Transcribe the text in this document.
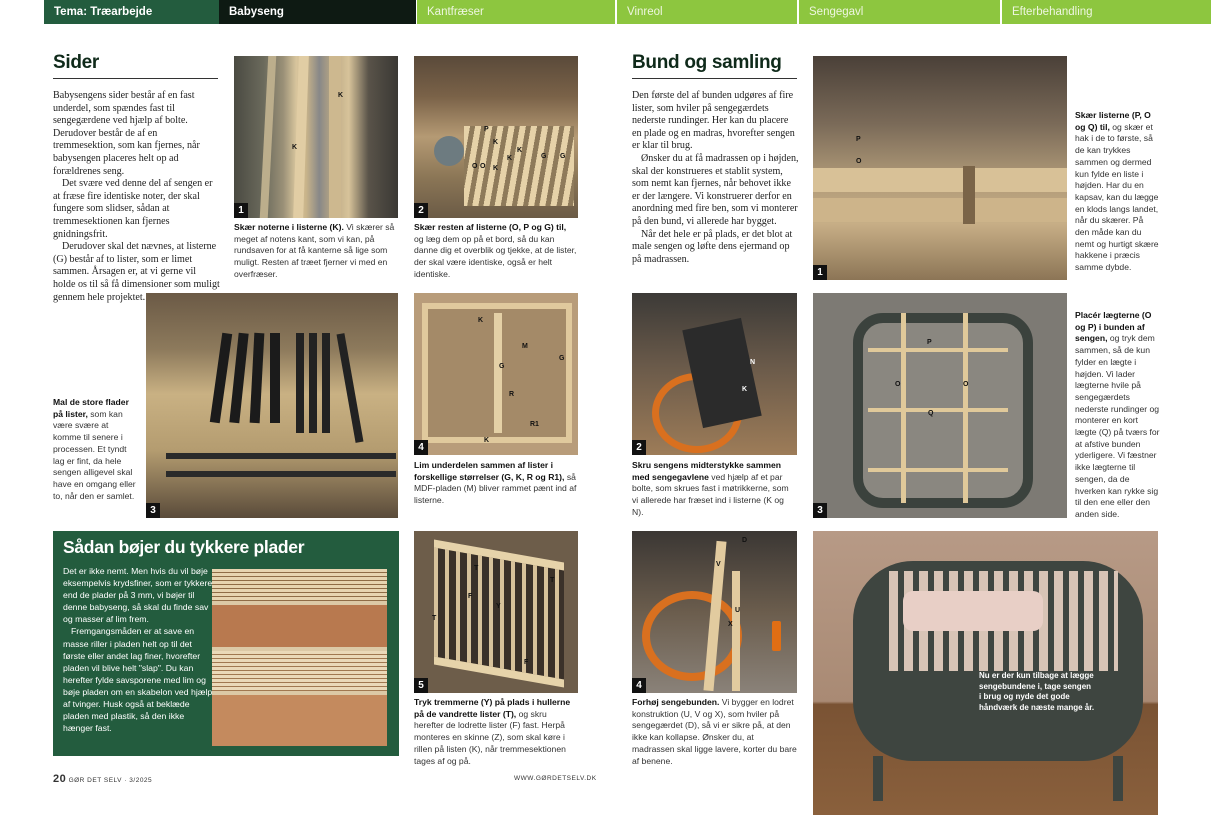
Tema: Træarbejde	Babyseng	Kantfræser	Vinreol	Sengegavl	Efterbehandling
Sider

Babysengens sider består af en fast underdel, som spændes fast til sengegærdene ved hjælp af bolte. Derudover består de af en tremmesektion, som kan fjernes, når babysengen placeres helt op ad forældrenes seng.

Det svære ved denne del af sengen er at fræse fire identiske noter, der skal fungere som slidser, sådan at tremmesektionen kan fjernes gnidningsfrit.

Derudover skal det nævnes, at listerne (G) består af to lister, som er limet sammen. Årsagen er, at vi gerne vil holde os til så få dimensioner som muligt gennem hele projektet.

K
K
1
Skær noterne i listerne (K). Vi skærer så meget af notens kant, som vi kan, på rundsaven for at få kanterne så lige som muligt. Resten af træet fjerner vi med en overfræser.
P
K
K
K
K
G G
O O
2
Skær resten af listerne (O, P og G) til, og læg dem op på et bord, så du kan danne dig et overblik og tjekke, at de lister, der skal være identiske, også er helt identiske.
3
Mal de store flader på lister, som kan være svære at komme til senere i processen. Et tyndt lag er fint, da hele sengen alligevel skal have en omgang eller to, når den er samlet.
K
M
G
G
R
R1
K
4
Lim underdelen sammen af lister i forskellige størrelser (G, K, R og R1), så MDF-pladen (M) bliver rammet pænt ind af listerne.
Sådan bøjer du tykkere plader

Det er ikke nemt. Men hvis du vil bøje eksempelvis krydsfiner, som er tykkere end de plader på 3 mm, vi bøjer til denne babyseng, så skal du finde sav og masser af lim frem.

Fremgangsmåden er at save en masse riller i pladen helt op til det første eller andet lag finer, hvorefter pladen vil blive helt "slap". Du kan herefter fylde savsporene med lim og bøje pladen om en skabelon ved hjælp af tvinger. Husk også at beklæde pladen med plastik, så den ikke hænger fast.

T
T
F
Y
F
T
5
Tryk tremmerne (Y) på plads i hullerne på de vandrette lister (T), og skru herefter de lodrette lister (F) fast. Herpå monteres en skinne (Z), som skal køre i rillen på listen (K), når tremmesektionen tages af og på.
20 GØR DET SELV · 3/2025	WWW.GØRDETSELV.DK
Bund og samling

Den første del af bunden udgøres af fire lister, som hviler på sengegærdets nederste rundinger. Her kan du placere en plade og en madras, hvorefter sengen er klar til brug.

Ønsker du at få madrassen op i højden, skal der konstrueres et stablit system, som nemt kan fjernes, når behovet ikke er der længere. Vi konstruerer derfor en anordning med fire ben, som vi monterer på den bund, vi allerede har bygget.

Når det hele er på plads, er det blot at male sengen og løfte dens ejermand op på madrassen.

P
O
1
Skær listerne (P, O og Q) til, og skær et hak i de to første, så de kan trykkes sammen og dermed kun fylde en liste i højden. Har du en kapsav, kan du lægge en klods langs landet, når du skærer. På den måde kan du nemt og hurtigt skære hakkene i præcis samme dybde.
N
K
2
Skru sengens midterstykke sammen med sengegavlene ved hjælp af et par bolte, som skrues fast i møtrikkerne, som vi allerede har fræset ind i listerne (K og N).
P
O	O
Q
3
Placér lægterne (O og P) i bunden af sengen, og tryk dem sammen, så de kun fylder en lægte i højden. Vi lader lægterne hvile på sengegærdets nederste rundinger og monterer en kort lægte (Q) på tværs for at afstive bunden yderligere. Vi fæstner ikke lægterne til sengen, da de hverken kan rykke sig til den ene eller den anden side.
D
V
U
X
4
Forhøj sengebunden. Vi bygger en lodret konstruktion (U, V og X), som hviler på sengegærdet (D), så vi er sikre på, at den ikke kan kollapse. Ønsker du, at madrassen skal ligge lavere, korter du bare af benene.
Nu er der kun tilbage at lægge sengebundene i, tage sengen i brug og nyde det gode håndværk de næste mange år.
